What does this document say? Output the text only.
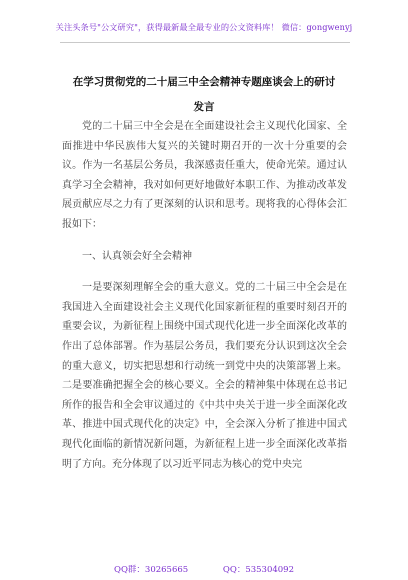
关注头条号"公文研究"，获得最新最全最专业的公文资料库！ 微信：gongwenyj
在学习贯彻党的二十届三中全会精神专题座谈会上的研讨
发言

党的二十届三中全会是在全面建设社会主义现代化国家、全面推进中华民族伟大复兴的关键时期召开的一次十分重要的会议。作为一名基层公务员，我深感责任重大，使命光荣。通过认真学习全会精神，我对如何更好地做好本职工作、为推动改革发展贡献应尽之力有了更深刻的认识和思考。现将我的心得体会汇报如下：

一、认真领会好全会精神

一是要深刻理解全会的重大意义。党的二十届三中全会是在我国进入全面建设社会主义现代化国家新征程的重要时刻召开的重要会议，为新征程上围绕中国式现代化进一步全面深化改革的作出了总体部署。作为基层公务员，我们要充分认识到这次全会的重大意义，切实把思想和行动统一到党中央的决策部署上来。二是要准确把握全会的核心要义。全会的精神集中体现在总书记所作的报告和全会审议通过的《中共中央关于进一步全面深化改革、推进中国式现代化的决定》中，全会深入分析了推进中国式现代化面临的新情况新问题，为新征程上进一步全面深化改革指明了方向。充分体现了以习近平同志为核心的党中央完

QQ群：30265665	QQ：535304092
